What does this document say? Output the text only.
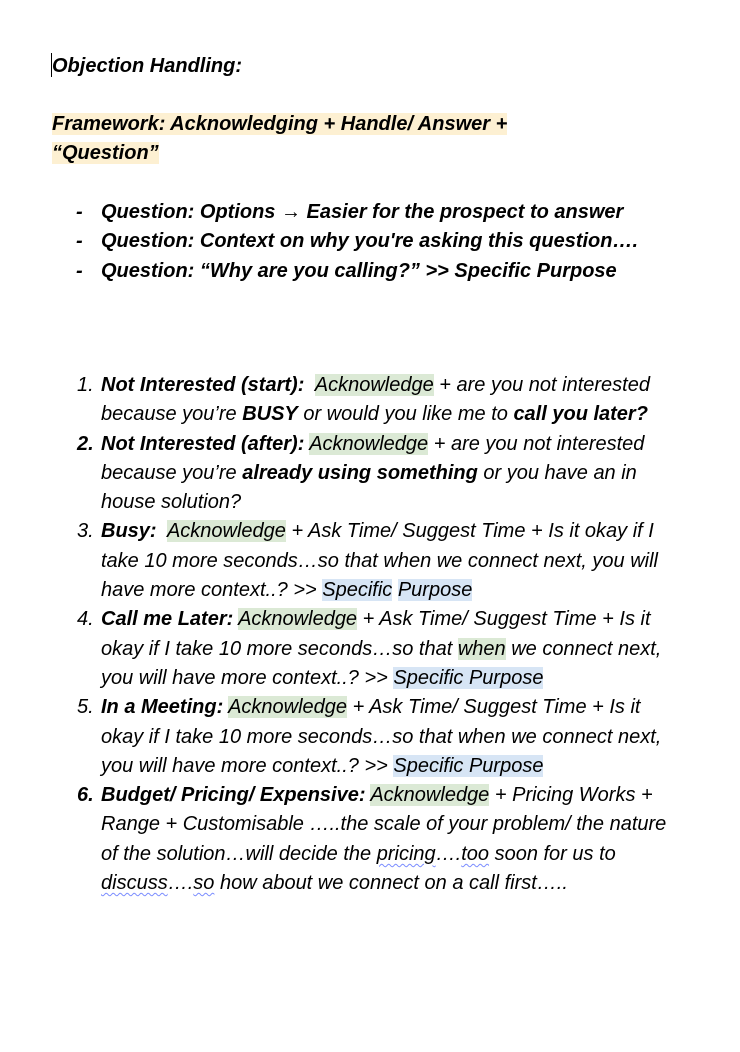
Objection Handling:
Framework: Acknowledging + Handle/ Answer +
“Question”
- Question: Options → Easier for the prospect to answer
- Question: Context on why you're asking this question….
- Question: “Why are you calling?” >> Specific Purpose
1. Not Interested (start): Acknowledge + are you not interested because you’re BUSY or would you like me to call you later?
2. Not Interested (after): Acknowledge + are you not interested because you’re already using something or you have an in house solution?
3. Busy: Acknowledge + Ask Time/ Suggest Time + Is it okay if I take 10 more seconds…so that when we connect next, you will have more context..? >> Specific Purpose
4. Call me Later: Acknowledge + Ask Time/ Suggest Time + Is it okay if I take 10 more seconds…so that when we connect next, you will have more context..? >> Specific Purpose
5. In a Meeting: Acknowledge + Ask Time/ Suggest Time + Is it okay if I take 10 more seconds…so that when we connect next, you will have more context..? >> Specific Purpose
6. Budget/ Pricing/ Expensive: Acknowledge + Pricing Works + Range + Customisable …..the scale of your problem/ the nature of the solution…will decide the pricing….too soon for us to discuss….so how about we connect on a call first…..
